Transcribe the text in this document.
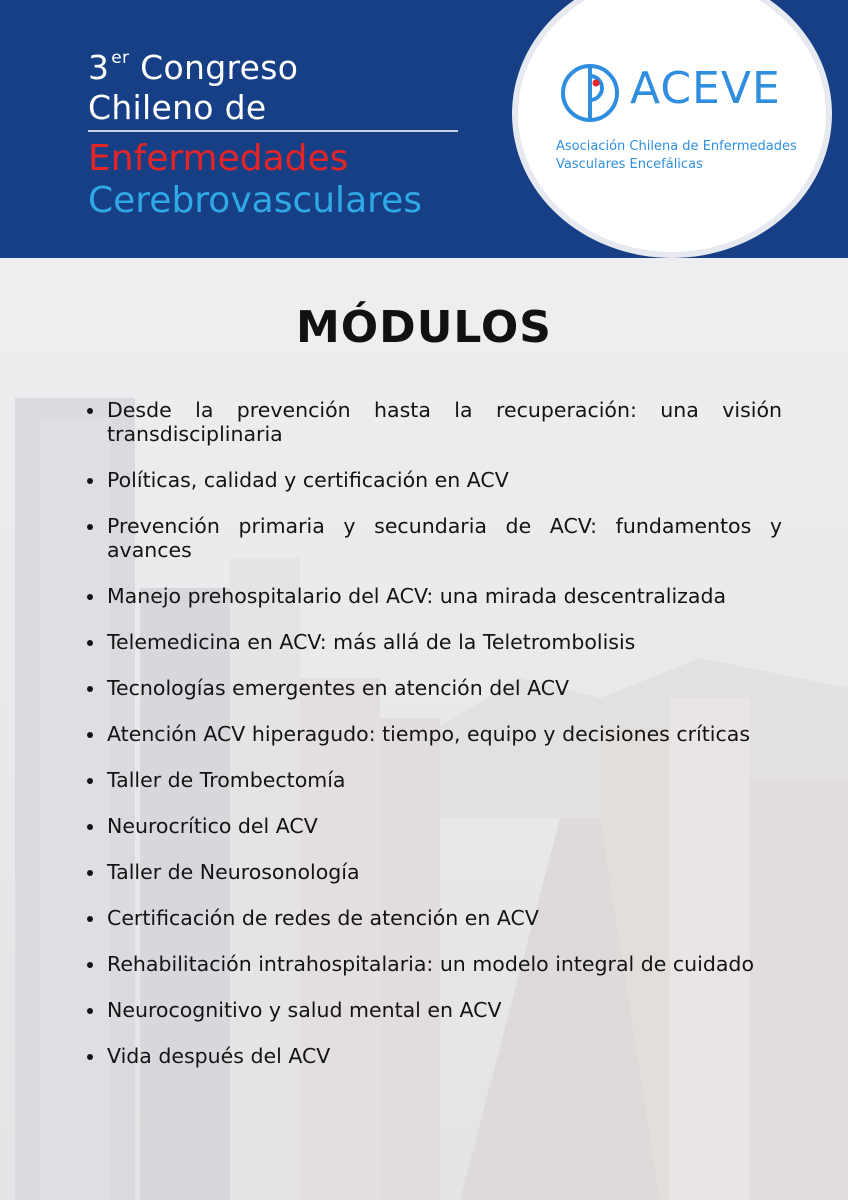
3 $^{er}$ Congreso
Chileno de
Enfermedades
Cerebrovasculares
ACEVE
Asociación Chilena de Enfermedades
Vasculares Encefálicas
MÓDULOS
Desde la prevención hasta la recuperación: una visión transdisciplinaria
Políticas, calidad y certificación en ACV
Prevención primaria y secundaria de ACV: fundamentos y avances
Manejo prehospitalario del ACV: una mirada descentralizada
Telemedicina en ACV: más allá de la Teletrombolisis
Tecnologías emergentes en atención del ACV
Atención ACV hiperagudo: tiempo, equipo y decisiones críticas
Taller de Trombectomía
Neurocrítico del ACV
Taller de Neurosonología
Certificación de redes de atención en ACV
Rehabilitación intrahospitalaria: un modelo integral de cuidado
Neurocognitivo y salud mental en ACV
Vida después del ACV
